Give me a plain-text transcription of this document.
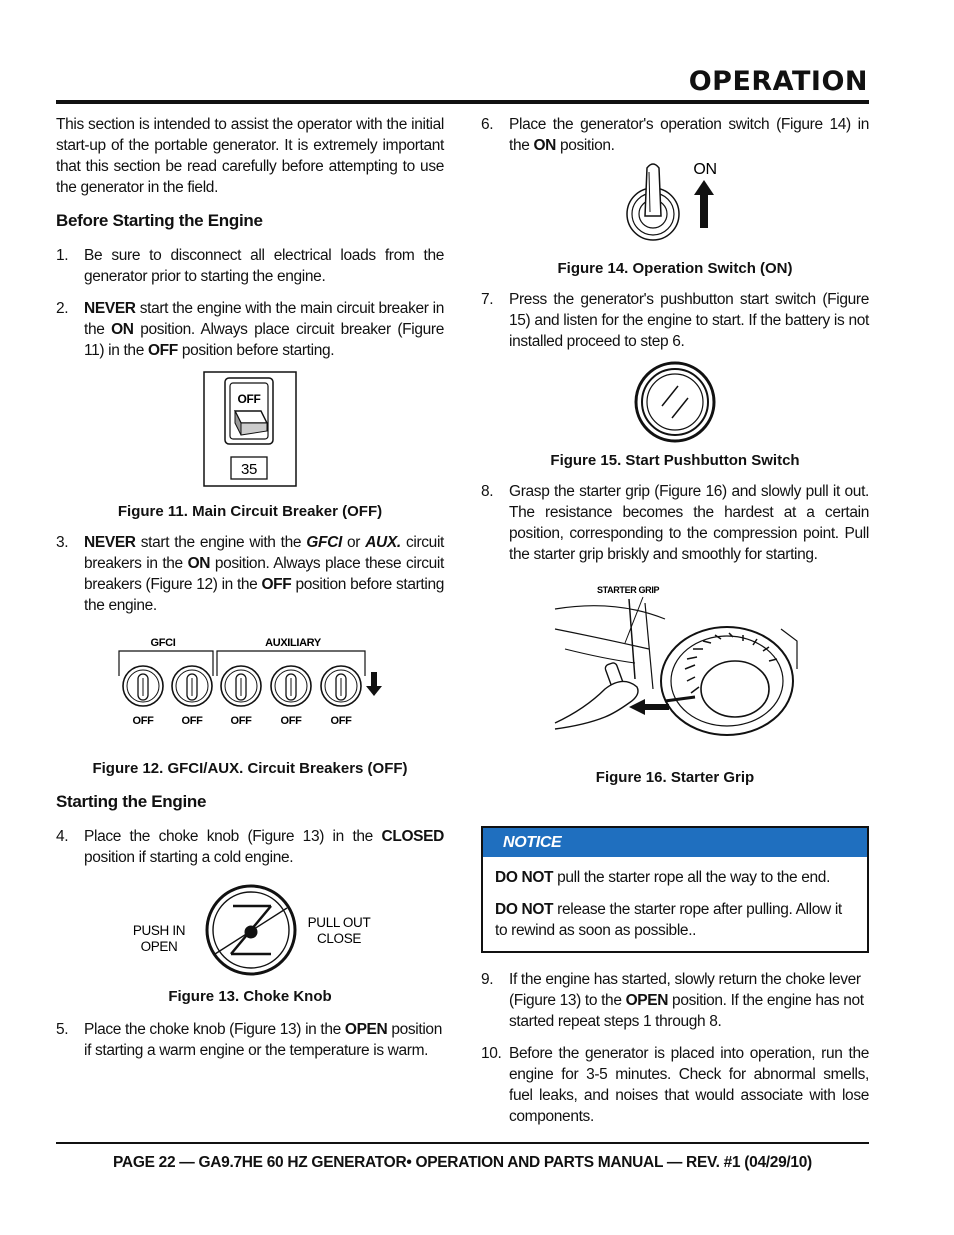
OPERATION

This section is intended to assist the operator with the initial start-up of the portable generator. It is extremely important that this section be read carefully before attempting to use the generator in the field.

Before Starting the Engine
1.	Be sure to disconnect all electrical loads from the generator prior to starting the engine.
2.	NEVER start the engine with the main circuit breaker in the ON position. Always place circuit breaker (Figure 11) in the OFF position before starting.
OFF
35
Figure 11. Main Circuit Breaker (OFF)
3.	NEVER start the engine with the GFCI or AUX. circuit breakers in the ON position. Always place these circuit breakers (Figure 12) in the OFF position before starting the engine.
GFCI	AUXILIARY
OFF	OFF	OFF	OFF	OFF
Figure 12. GFCI/AUX. Circuit Breakers (OFF)
Starting the Engine
4.	Place the choke knob (Figure 13) in the CLOSED position if starting a cold engine.
PUSH IN
OPEN
PULL OUT
CLOSE
Figure 13. Choke Knob
5.	Place the choke knob (Figure 13) in the OPEN position if starting a warm engine or the temperature is warm.
6.	Place the generator's operation switch (Figure 14) in the ON position.
ON
Figure 14. Operation Switch (ON)
7.	Press the generator's pushbutton start switch (Figure 15) and listen for the engine to start. If the battery is not installed proceed to step 6.
Figure 15. Start Pushbutton Switch
8.	Grasp the starter grip (Figure 16) and slowly pull it out. The resistance becomes the hardest at a certain position, corresponding to the compression point. Pull the starter grip briskly and smoothly for starting.
STARTER GRIP
Figure 16. Starter Grip
NOTICE

DO NOT pull the starter rope all the way to the end.

DO NOT release the starter rope after pulling. Allow it to rewind as soon as possible..

9.	If the engine has started, slowly return the choke lever (Figure 13) to the OPEN position. If the engine has not started repeat steps 1 through 8.
10. Before the generator is placed into operation, run the engine for 3-5 minutes. Check for abnormal smells, fuel leaks, and noises that would associate with lose components.
PAGE 22 — GA9.7HE 60 HZ GENERATOR• OPERATION AND PARTS MANUAL — REV. #1 (04/29/10)
